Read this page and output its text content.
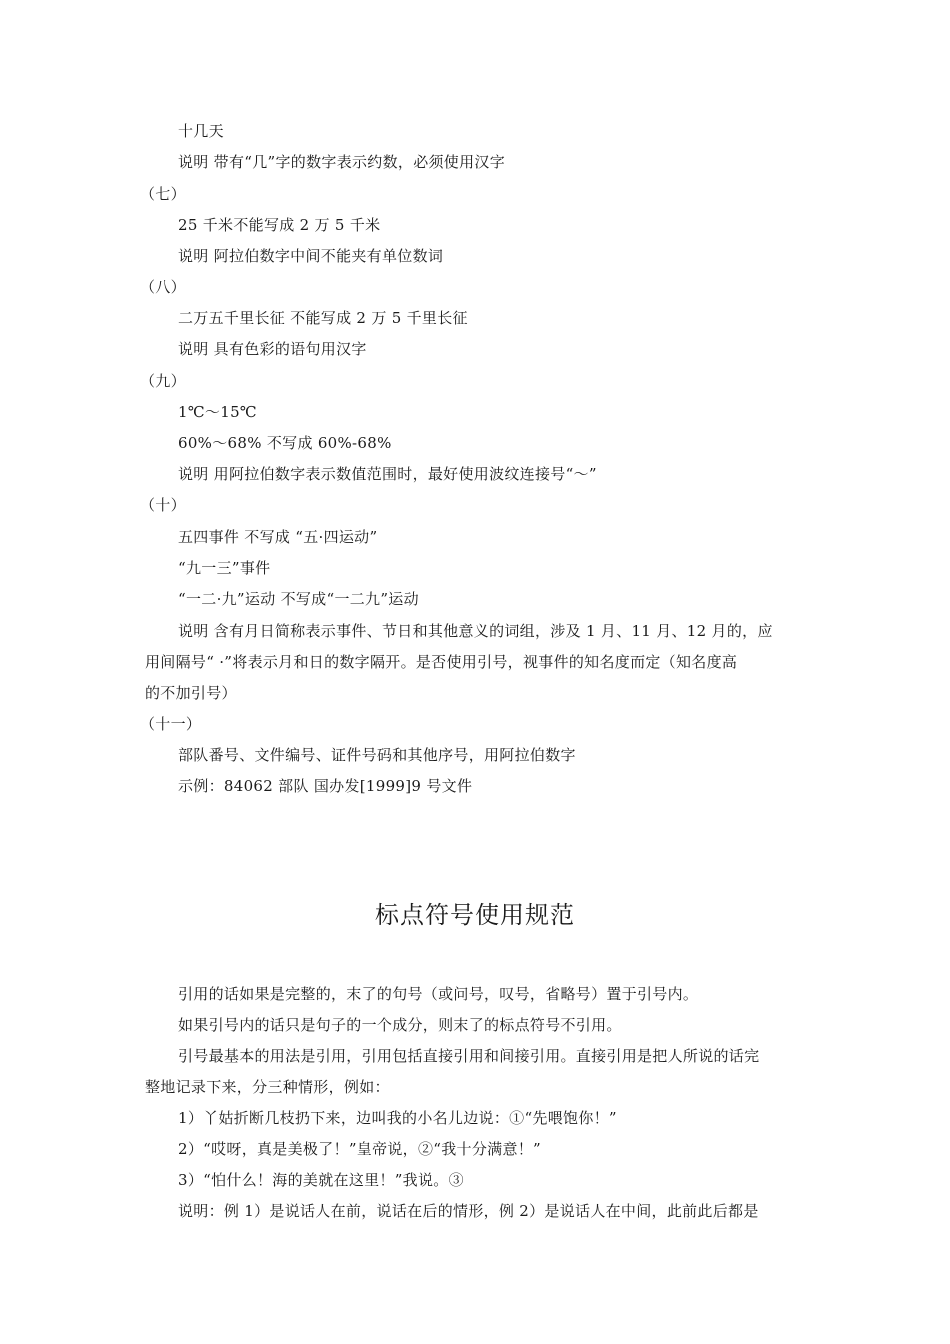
十几天
说明 带有“几”字的数字表示约数，必须使用汉字
（七）
25 千米不能写成 2 万 5 千米
说明 阿拉伯数字中间不能夹有单位数词
（八）
二万五千里长征 不能写成 2 万 5 千里长征
说明 具有色彩的语句用汉字
（九）
1℃～15℃
60%～68% 不写成 60%-68%
说明 用阿拉伯数字表示数值范围时，最好使用波纹连接号“～”
（十）
五四事件 不写成 “五·四运动”
“九一三”事件
“一二·九”运动 不写成“一二九”运动
说明 含有月日简称表示事件、节日和其他意义的词组，涉及 1 月、11 月、12 月的，应
用间隔号“ ·”将表示月和日的数字隔开。是否使用引号，视事件的知名度而定（知名度高
的不加引号）
（十一）
部队番号、文件编号、证件号码和其他序号，用阿拉伯数字
示例：84062 部队 国办发[1999]9 号文件
标点符号使用规范
引用的话如果是完整的，末了的句号（或问号，叹号，省略号）置于引号内。
如果引号内的话只是句子的一个成分，则末了的标点符号不引用。
引号最基本的用法是引用，引用包括直接引用和间接引用。直接引用是把人所说的话完
整地记录下来，分三种情形，例如：
1）丫姑折断几枝扔下来，边叫我的小名儿边说：①“先喂饱你！”
2）“哎呀，真是美极了！”皇帝说，②“我十分满意！”
3）“怕什么！海的美就在这里！”我说。③
说明：例 1）是说话人在前，说话在后的情形，例 2）是说话人在中间，此前此后都是
